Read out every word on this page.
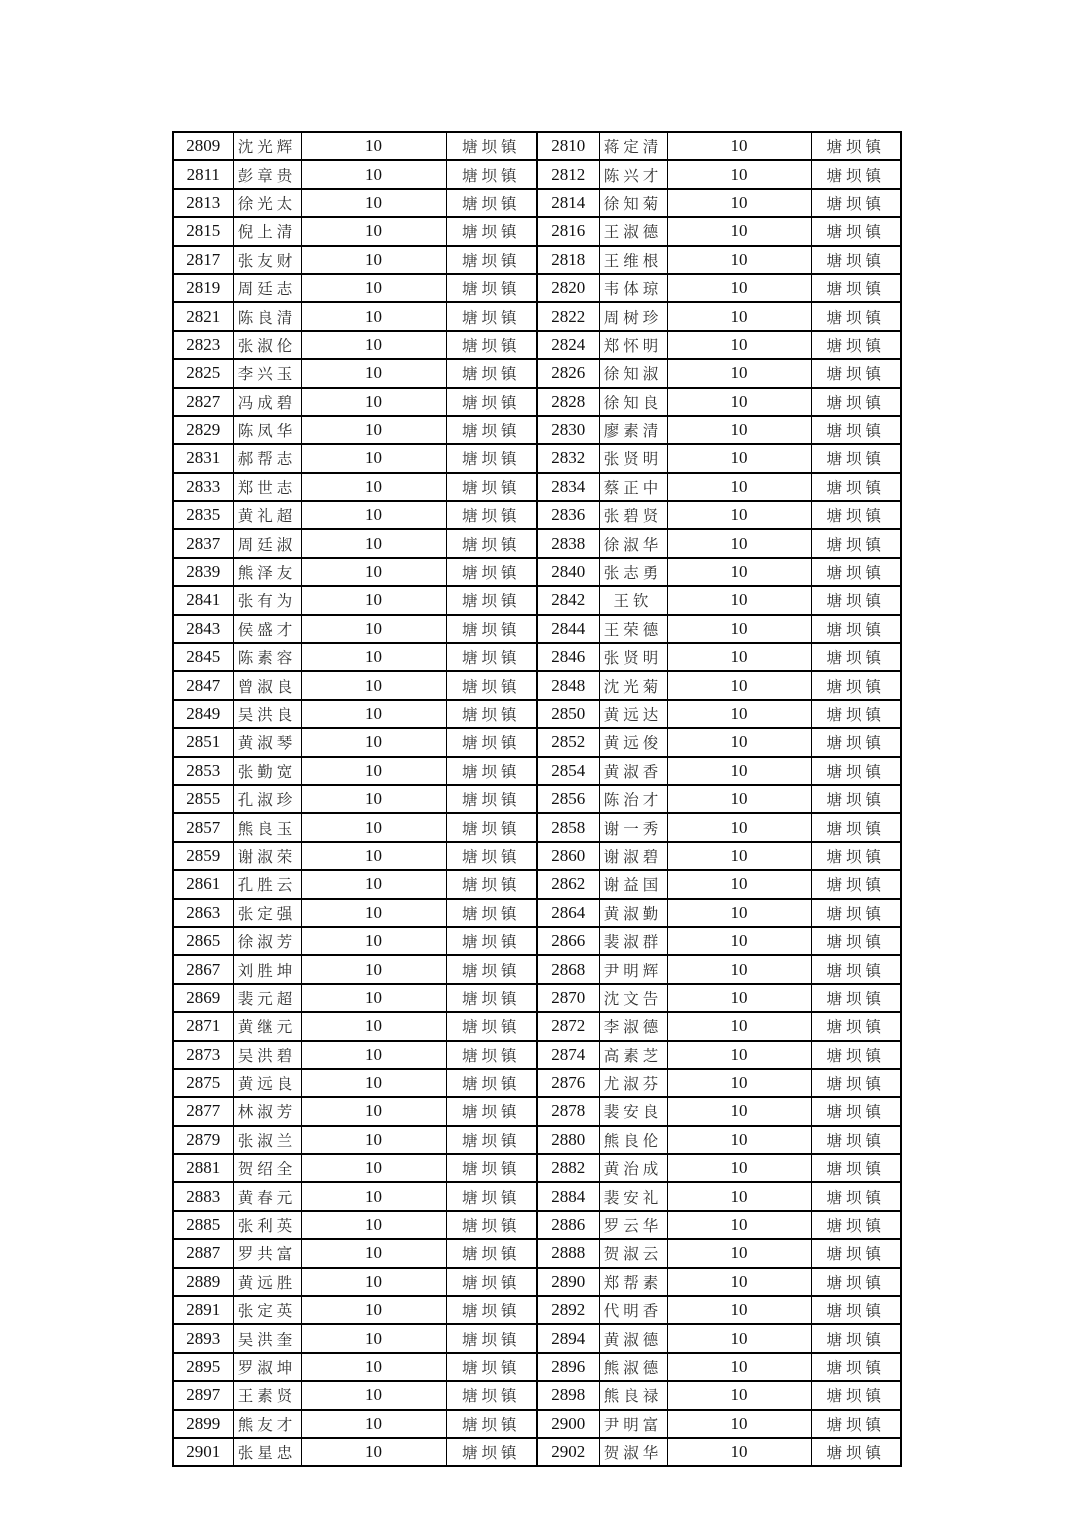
2809	沈光辉	10	塘坝镇	2810	蒋定清	10	塘坝镇
2811	彭章贵	10	塘坝镇	2812	陈兴才	10	塘坝镇
2813	徐光太	10	塘坝镇	2814	徐知菊	10	塘坝镇
2815	倪上清	10	塘坝镇	2816	王淑德	10	塘坝镇
2817	张友财	10	塘坝镇	2818	王维根	10	塘坝镇
2819	周廷志	10	塘坝镇	2820	韦体琼	10	塘坝镇
2821	陈良清	10	塘坝镇	2822	周树珍	10	塘坝镇
2823	张淑伦	10	塘坝镇	2824	郑怀明	10	塘坝镇
2825	李兴玉	10	塘坝镇	2826	徐知淑	10	塘坝镇
2827	冯成碧	10	塘坝镇	2828	徐知良	10	塘坝镇
2829	陈凤华	10	塘坝镇	2830	廖素清	10	塘坝镇
2831	郝帮志	10	塘坝镇	2832	张贤明	10	塘坝镇
2833	郑世志	10	塘坝镇	2834	蔡正中	10	塘坝镇
2835	黄礼超	10	塘坝镇	2836	张碧贤	10	塘坝镇
2837	周廷淑	10	塘坝镇	2838	徐淑华	10	塘坝镇
2839	熊泽友	10	塘坝镇	2840	张志勇	10	塘坝镇
2841	张有为	10	塘坝镇	2842	王钦	10	塘坝镇
2843	侯盛才	10	塘坝镇	2844	王荣德	10	塘坝镇
2845	陈素容	10	塘坝镇	2846	张贤明	10	塘坝镇
2847	曾淑良	10	塘坝镇	2848	沈光菊	10	塘坝镇
2849	吴洪良	10	塘坝镇	2850	黄远达	10	塘坝镇
2851	黄淑琴	10	塘坝镇	2852	黄远俊	10	塘坝镇
2853	张勤宽	10	塘坝镇	2854	黄淑香	10	塘坝镇
2855	孔淑珍	10	塘坝镇	2856	陈治才	10	塘坝镇
2857	熊良玉	10	塘坝镇	2858	谢一秀	10	塘坝镇
2859	谢淑荣	10	塘坝镇	2860	谢淑碧	10	塘坝镇
2861	孔胜云	10	塘坝镇	2862	谢益国	10	塘坝镇
2863	张定强	10	塘坝镇	2864	黄淑勤	10	塘坝镇
2865	徐淑芳	10	塘坝镇	2866	裴淑群	10	塘坝镇
2867	刘胜坤	10	塘坝镇	2868	尹明辉	10	塘坝镇
2869	裴元超	10	塘坝镇	2870	沈文告	10	塘坝镇
2871	黄继元	10	塘坝镇	2872	李淑德	10	塘坝镇
2873	吴洪碧	10	塘坝镇	2874	高素芝	10	塘坝镇
2875	黄远良	10	塘坝镇	2876	尤淑芬	10	塘坝镇
2877	林淑芳	10	塘坝镇	2878	裴安良	10	塘坝镇
2879	张淑兰	10	塘坝镇	2880	熊良伦	10	塘坝镇
2881	贺绍全	10	塘坝镇	2882	黄治成	10	塘坝镇
2883	黄春元	10	塘坝镇	2884	裴安礼	10	塘坝镇
2885	张利英	10	塘坝镇	2886	罗云华	10	塘坝镇
2887	罗共富	10	塘坝镇	2888	贺淑云	10	塘坝镇
2889	黄远胜	10	塘坝镇	2890	郑帮素	10	塘坝镇
2891	张定英	10	塘坝镇	2892	代明香	10	塘坝镇
2893	吴洪奎	10	塘坝镇	2894	黄淑德	10	塘坝镇
2895	罗淑坤	10	塘坝镇	2896	熊淑德	10	塘坝镇
2897	王素贤	10	塘坝镇	2898	熊良禄	10	塘坝镇
2899	熊友才	10	塘坝镇	2900	尹明富	10	塘坝镇
2901	张星忠	10	塘坝镇	2902	贺淑华	10	塘坝镇
